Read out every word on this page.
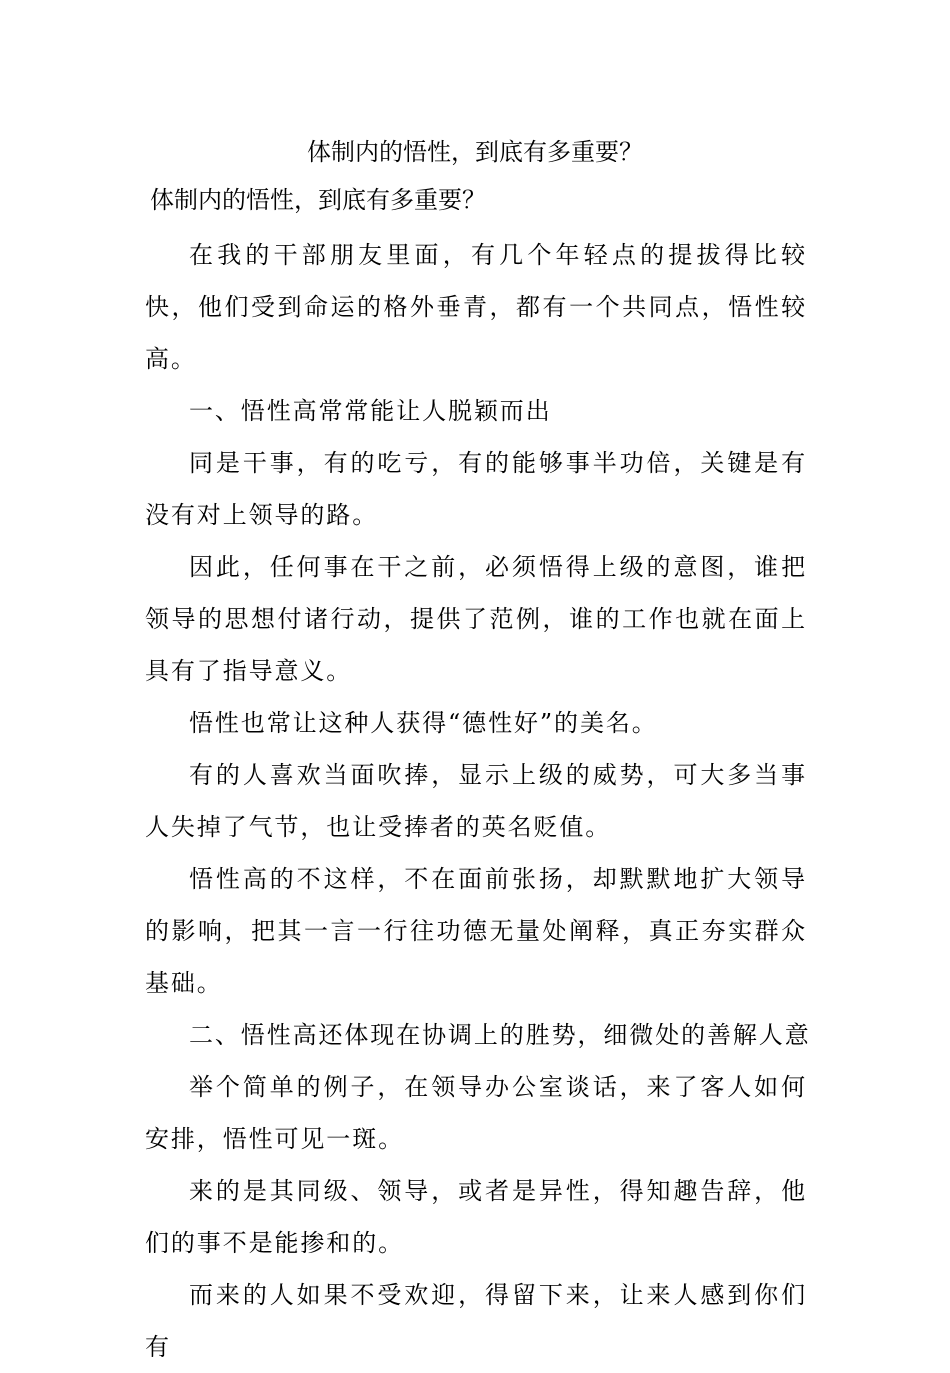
体制内的悟性，到底有多重要？
体制内的悟性，到底有多重要？

在我的干部朋友里面，有几个年轻点的提拔得比较快，他们受到命运的格外垂青，都有一个共同点，悟性较高。

一、悟性高常常能让人脱颖而出

同是干事，有的吃亏，有的能够事半功倍，关键是有没有对上领导的路。

因此，任何事在干之前，必须悟得上级的意图，谁把领导的思想付诸行动，提供了范例，谁的工作也就在面上具有了指导意义。

悟性也常让这种人获得“德性好”的美名。

有的人喜欢当面吹捧，显示上级的威势，可大多当事人失掉了气节，也让受捧者的英名贬值。

悟性高的不这样，不在面前张扬，却默默地扩大领导的影响，把其一言一行往功德无量处阐释，真正夯实群众基础。

二、悟性高还体现在协调上的胜势，细微处的善解人意

举个简单的例子，在领导办公室谈话，来了客人如何安排，悟性可见一斑。

来的是其同级、领导，或者是异性，得知趣告辞，他们的事不是能掺和的。

而来的人如果不受欢迎，得留下来，让来人感到你们有
